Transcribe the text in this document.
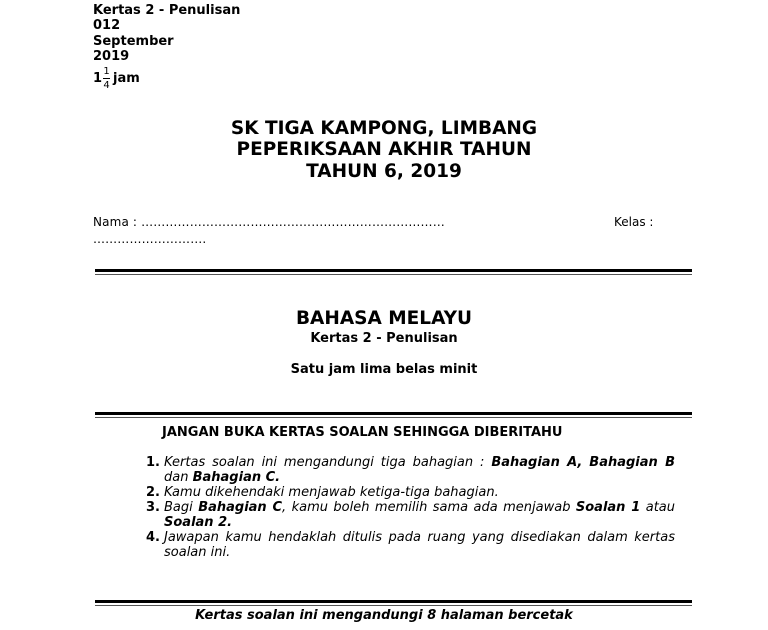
Kertas 2 - Penulisan
012
September
2019
1 1
4 jam
SK TIGA KAMPONG, LIMBANG
PEPERIKSAAN AKHIR TAHUN
TAHUN 6, 2019
Nama : …………………………………………………………………
……………………….
Kelas :
BAHASA MELAYU
Kertas 2 - Penulisan
Satu jam lima belas minit
JANGAN BUKA KERTAS SOALAN SEHINGGA DIBERITAHU
1. Kertas soalan ini mengandungi tiga bahagian : Bahagian A, Bahagian B dan Bahagian C.
2. Kamu dikehendaki menjawab ketiga-tiga bahagian.
3. Bagi Bahagian C, kamu boleh memilih sama ada menjawab Soalan 1 atau Soalan 2.
4. Jawapan kamu hendaklah ditulis pada ruang yang disediakan dalam kertas soalan ini.
Kertas soalan ini mengandungi 8 halaman bercetak
